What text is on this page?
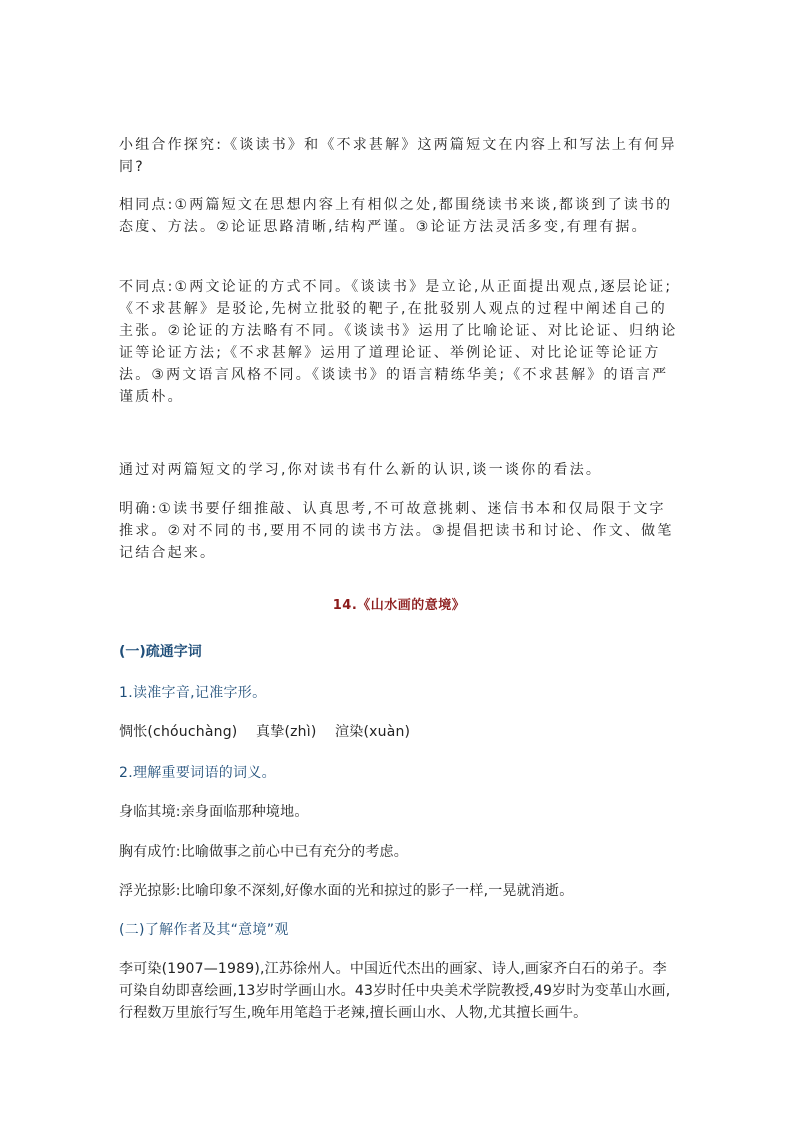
小组合作探究:《谈读书》和《不求甚解》这两篇短文在内容上和写法上有何异同?

相同点:①两篇短文在思想内容上有相似之处,都围绕读书来谈,都谈到了读书的态度、方法。②论证思路清晰,结构严谨。③论证方法灵活多变,有理有据。

不同点:①两文论证的方式不同。《谈读书》是立论,从正面提出观点,逐层论证;《不求甚解》是驳论,先树立批驳的靶子,在批驳别人观点的过程中阐述自己的主张。②论证的方法略有不同。《谈读书》运用了比喻论证、对比论证、归纳论证等论证方法;《不求甚解》运用了道理论证、举例论证、对比论证等论证方法。③两文语言风格不同。《谈读书》的语言精练华美;《不求甚解》的语言严谨质朴。

通过对两篇短文的学习,你对读书有什么新的认识,谈一谈你的看法。

明确:①读书要仔细推敲、认真思考,不可故意挑刺、迷信书本和仅局限于文字推求。②对不同的书,要用不同的读书方法。③提倡把读书和讨论、作文、做笔记结合起来。

14.《山水画的意境》
(一)疏通字词
1.读准字音,记准字形。
惆怅(chóuchàng)    真挚(zhì)    渲染(xuàn)
2.理解重要词语的词义。
身临其境:亲身面临那种境地。
胸有成竹:比喻做事之前心中已有充分的考虑。
浮光掠影:比喻印象不深刻,好像水面的光和掠过的影子一样,一晃就消逝。
(二)了解作者及其“意境”观

李可染(1907—1989),江苏徐州人。中国近代杰出的画家、诗人,画家齐白石的弟子。李可染自幼即喜绘画,13岁时学画山水。43岁时任中央美术学院教授,49岁时为变革山水画,行程数万里旅行写生,晚年用笔趋于老辣,擅长画山水、人物,尤其擅长画牛。
